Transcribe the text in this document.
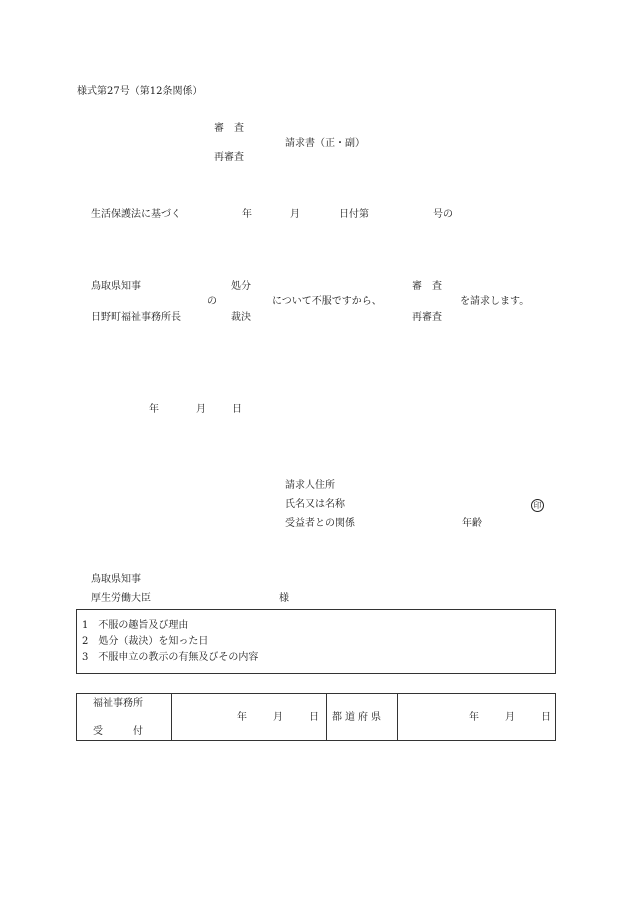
様式第27号（第12条関係）
審　査
請求書（正・副）
再審査
生活保護法に基づく	年	月	日付第	号の
鳥取県知事
日野町福祉事務所長
の
処分
裁決
について不服ですから、
審　査
再審査
を請求します。
年	月	日
請求人住所
氏名又は名称	印
受益者との関係	年齢
鳥取県知事
厚生労働大臣	様
1　不服の趣旨及び理由
2　処分（裁決）を知った日
3　不服申立の教示の有無及びその内容
福祉事務所
受　　　付
年	月	日 都道府県	年	月	日
